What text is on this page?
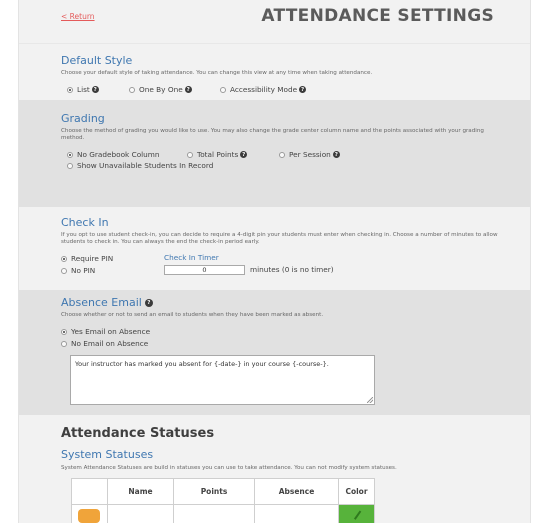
< Return	ATTENDANCE SETTINGS
Default Style
Choose your default style of taking attendance. You can change this view at any time when taking attendance.
List ?	One By One ?	Accessibility Mode ?
Grading
Choose the method of grading you would like to use. You may also change the grade center column name and the points associated with your grading method.
No Gradebook Column	Total Points ?	Per Session ?
Show Unavailable Students In Record
Check In
If you opt to use student check-in, you can decide to require a 4-digit pin your students must enter when checking in. Choose a number of minutes to allow students to check in. You can always the end the check-in period early.
Require PIN
No PIN
Check In Timer
0	minutes (0 is no timer)
Absence Email ?
Choose whether or not to send an email to students when they have been marked as absent.
Yes Email on Absence
No Email on Absence
Your instructor has marked you absent for {-date-} in your course {-course-}.
Attendance Statuses
System Statuses
System Attendance Statuses are build in statuses you can use to take attendance. You can not modify system statuses.
	Name	Points	Absence	Color
